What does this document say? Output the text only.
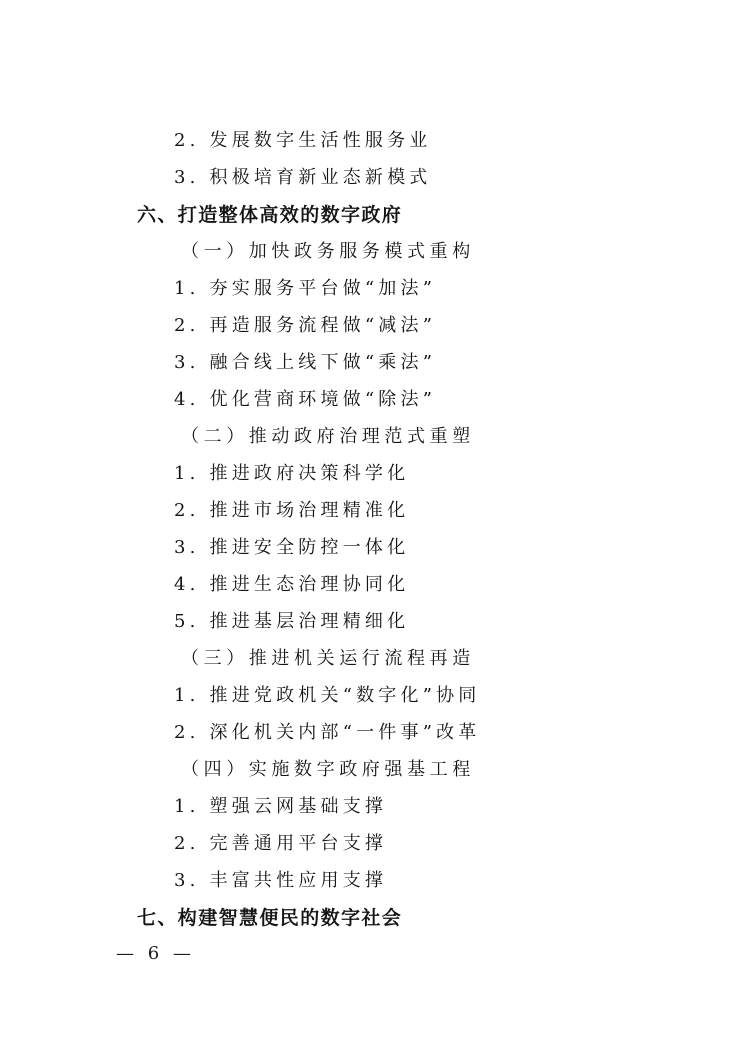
2. 发展数字生活性服务业
3. 积极培育新业态新模式
六、打造整体高效的数字政府
（一）加快政务服务模式重构
1. 夯实服务平台做“加法”
2. 再造服务流程做“减法”
3. 融合线上线下做“乘法”
4. 优化营商环境做“除法”
（二）推动政府治理范式重塑
1. 推进政府决策科学化
2. 推进市场治理精准化
3. 推进安全防控一体化
4. 推进生态治理协同化
5. 推进基层治理精细化
（三）推进机关运行流程再造
1. 推进党政机关“数字化”协同
2. 深化机关内部“一件事”改革
（四）实施数字政府强基工程
1. 塑强云网基础支撑
2. 完善通用平台支撑
3. 丰富共性应用支撑
七、构建智慧便民的数字社会
— 6 —
